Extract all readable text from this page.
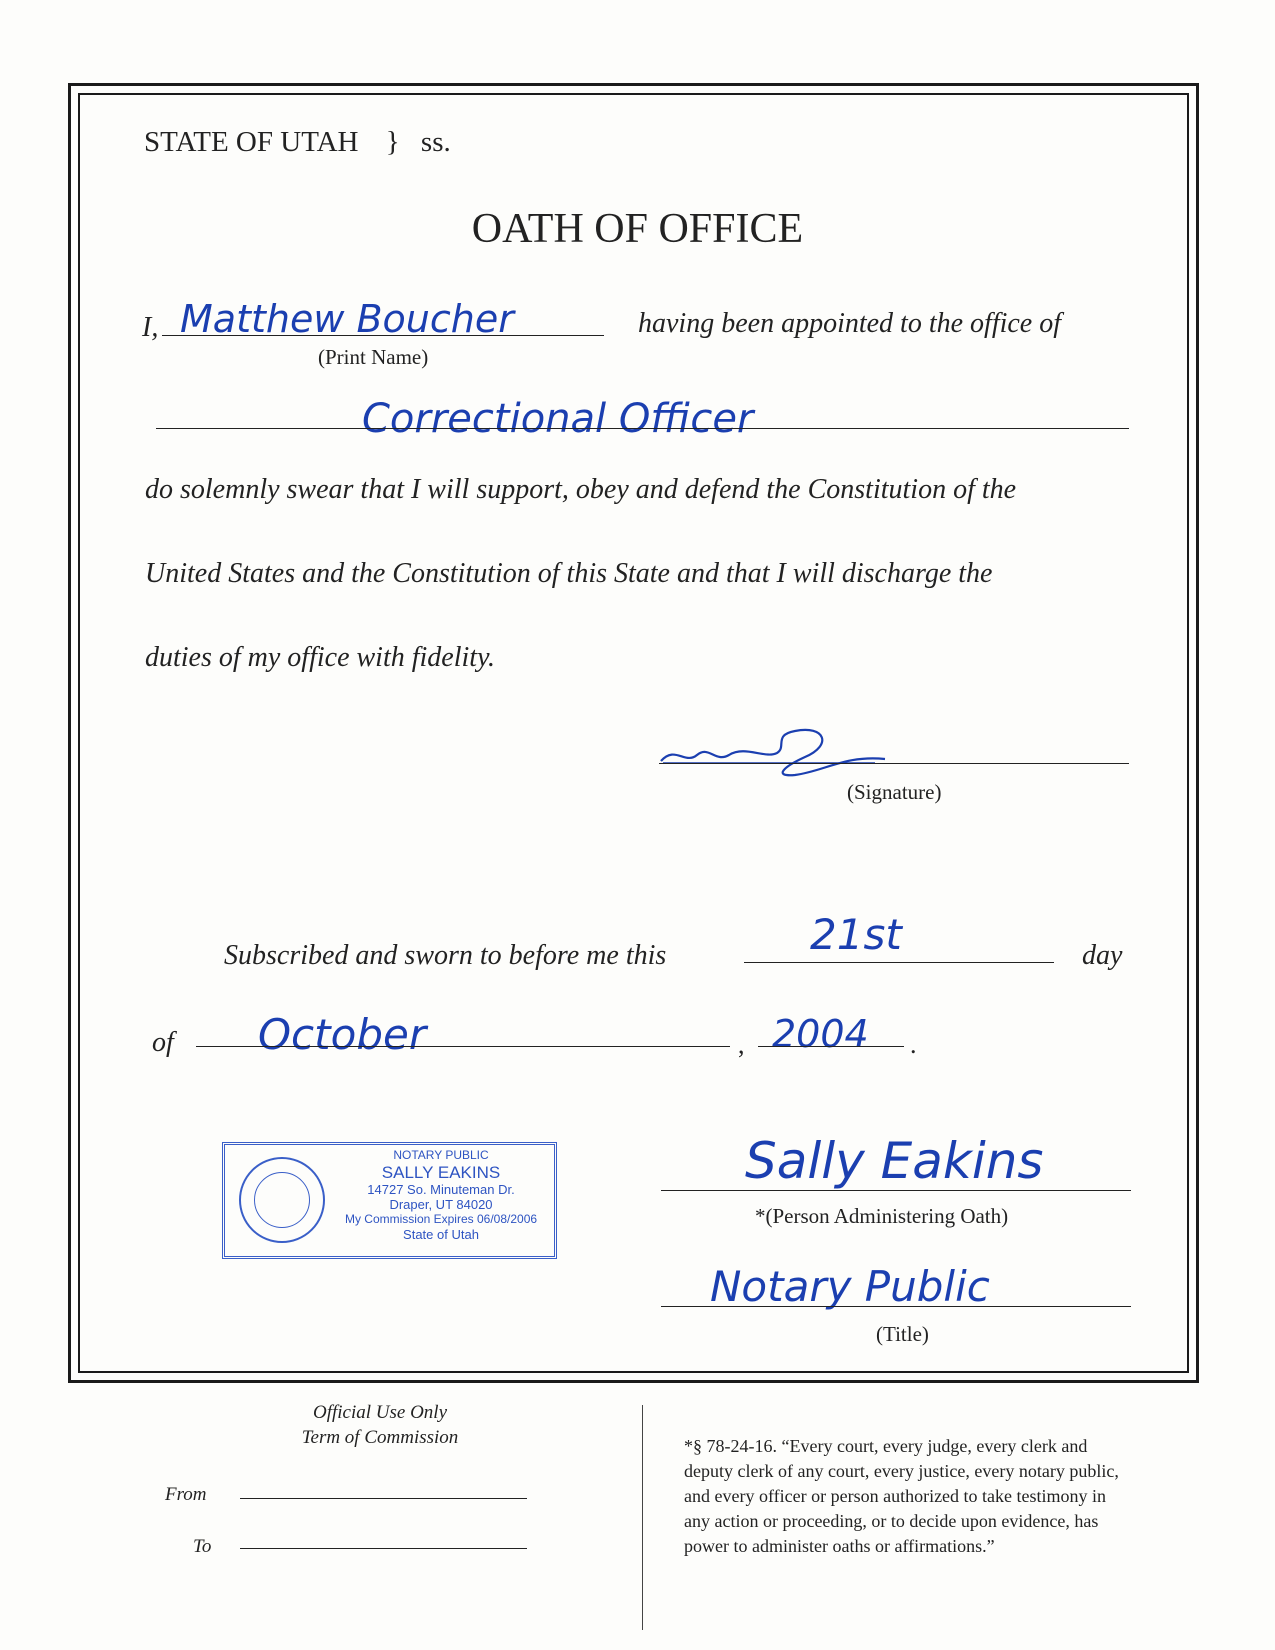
STATE OF UTAH } ss.
OATH OF OFFICE
I, Matthew Boucher
(Print Name)
having been appointed to the office of
Correctional Officer
do solemnly swear that I will support, obey and defend the Constitution of the
United States and the Constitution of this State and that I will discharge the
duties of my office with fidelity.
(Signature)
Subscribed and sworn to before me this	21st	day
of October	, 2004 .
NOTARY PUBLIC
SALLY EAKINS
14727 So. Minuteman Dr.
Draper, UT 84020
My Commission Expires 06/08/2006
State of Utah
Sally Eakins
*(Person Administering Oath)
Notary Public
(Title)
Official Use Only
Term of Commission
From
To
*§ 78-24-16. “Every court, every judge, every clerk and
deputy clerk of any court, every justice, every notary public,
and every officer or person authorized to take testimony in
any action or proceeding, or to decide upon evidence, has
power to administer oaths or affirmations.”
